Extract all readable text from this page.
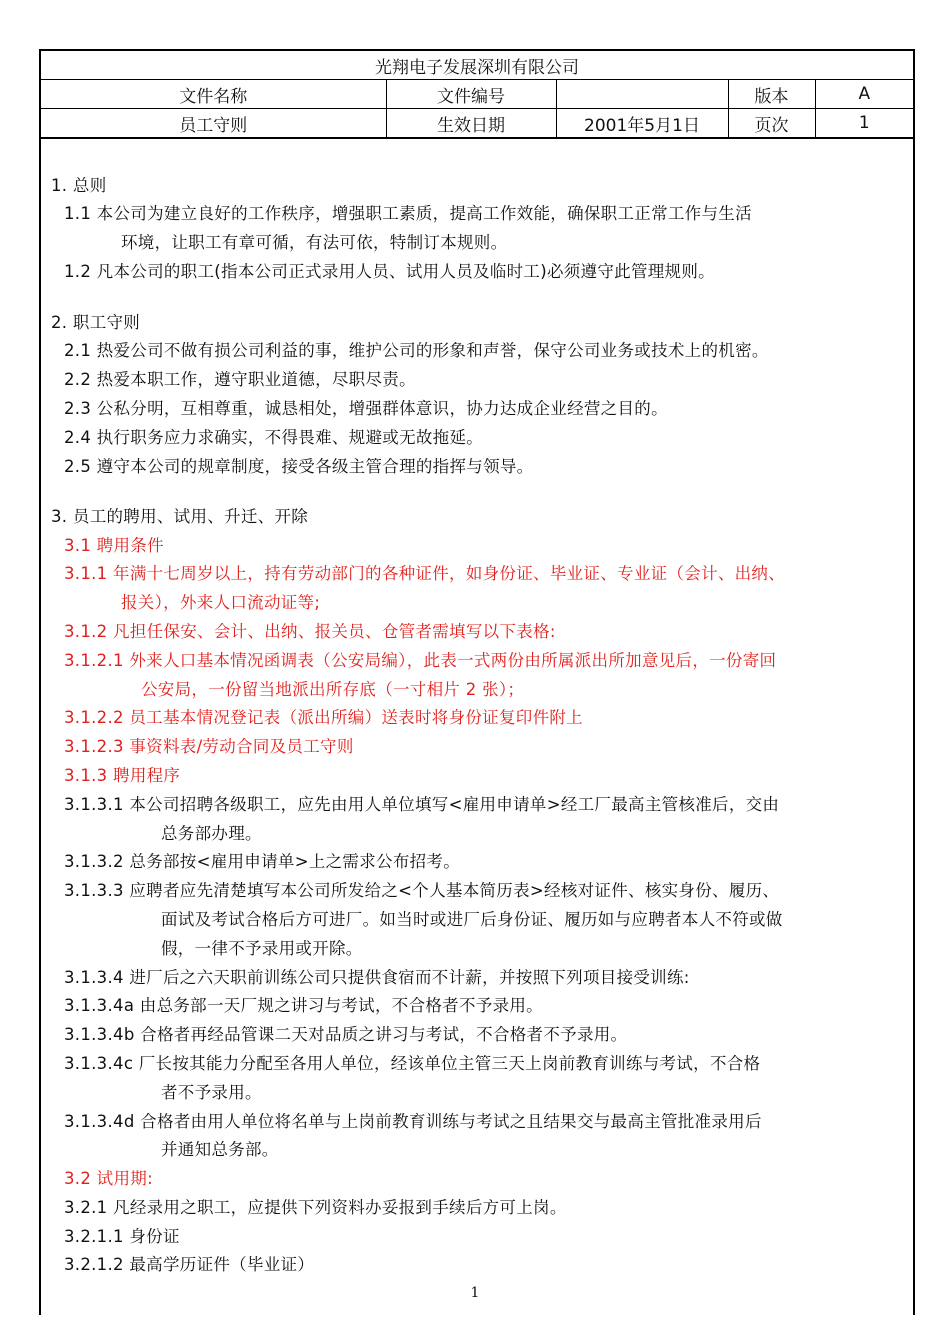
光翔电子发展深圳有限公司				
文件名称	文件编号		版本	A
员工守则	生效日期	2001年5月1日	页次	1
1. 总则
1.1 本公司为建立良好的工作秩序，增强职工素质，提高工作效能，确保职工正常工作与生活
环境，让职工有章可循，有法可依，特制订本规则。
1.2 凡本公司的职工(指本公司正式录用人员、试用人员及临时工)必须遵守此管理规则。
2. 职工守则
2.1 热爱公司不做有损公司利益的事，维护公司的形象和声誉，保守公司业务或技术上的机密。
2.2 热爱本职工作，遵守职业道德，尽职尽责。
2.3 公私分明，互相尊重，诚恳相处，增强群体意识，协力达成企业经营之目的。
2.4 执行职务应力求确实，不得畏难、规避或无故拖延。
2.5 遵守本公司的规章制度，接受各级主管合理的指挥与领导。
3. 员工的聘用、试用、升迁、开除
3.1 聘用条件
3.1.1 年满十七周岁以上，持有劳动部门的各种证件，如身份证、毕业证、专业证（会计、出纳、
报关），外来人口流动证等;
3.1.2 凡担任保安、会计、出纳、报关员、仓管者需填写以下表格:
3.1.2.1 外来人口基本情况函调表（公安局编），此表一式两份由所属派出所加意见后，一份寄回
公安局，一份留当地派出所存底（一寸相片 2 张）；
3.1.2.2 员工基本情况登记表（派出所编）送表时将身份证复印件附上
3.1.2.3 事资料表/劳动合同及员工守则
3.1.3 聘用程序
3.1.3.1 本公司招聘各级职工，应先由用人单位填写<雇用申请单>经工厂最高主管核准后，交由
总务部办理。
3.1.3.2 总务部按<雇用申请单>上之需求公布招考。
3.1.3.3 应聘者应先清楚填写本公司所发给之<个人基本简历表>经核对证件、核实身份、履历、
面试及考试合格后方可进厂。如当时或进厂后身份证、履历如与应聘者本人不符或做
假，一律不予录用或开除。
3.1.3.4 进厂后之六天职前训练公司只提供食宿而不计薪，并按照下列项目接受训练:
3.1.3.4a 由总务部一天厂规之讲习与考试，不合格者不予录用。
3.1.3.4b 合格者再经品管课二天对品质之讲习与考试，不合格者不予录用。
3.1.3.4c 厂长按其能力分配至各用人单位，经该单位主管三天上岗前教育训练与考试，不合格
者不予录用。
3.1.3.4d 合格者由用人单位将名单与上岗前教育训练与考试之且结果交与最高主管批准录用后
并通知总务部。
3.2 试用期:
3.2.1 凡经录用之职工，应提供下列资料办妥报到手续后方可上岗。
3.2.1.1 身份证
3.2.1.2 最高学历证件（毕业证）
1
